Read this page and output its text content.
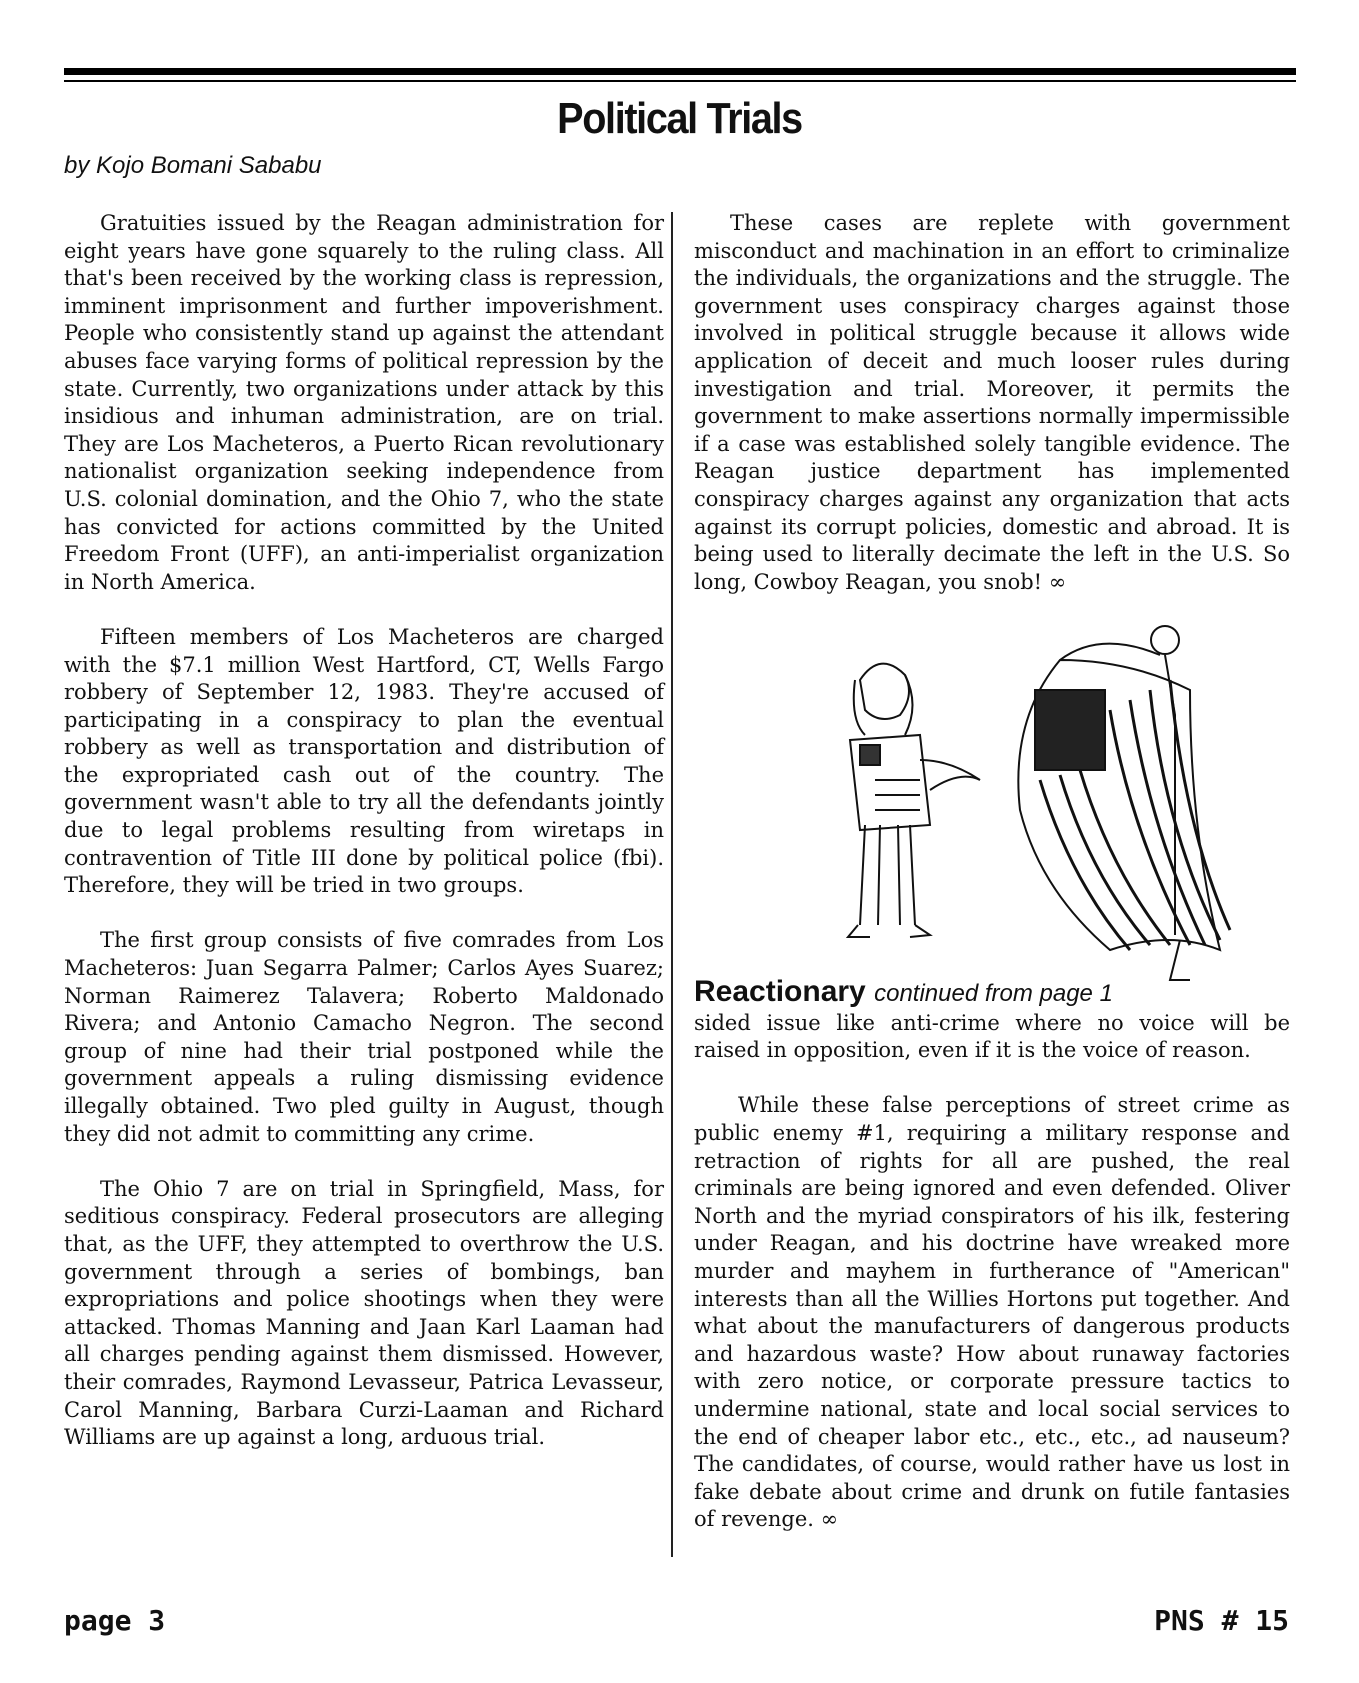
Political Trials
by Kojo Bomani Sababu

Gratuities issued by the Reagan administration for eight years have gone squarely to the ruling class. All that's been received by the working class is repression, imminent imprisonment and further impoverishment. People who consistently stand up against the attendant abuses face varying forms of political repression by the state. Currently, two organizations under attack by this insidious and inhuman administration, are on trial. They are Los Macheteros, a Puerto Rican revolutionary nationalist organization seeking independence from U.S. colonial domination, and the Ohio 7, who the state has convicted for actions committed by the United Freedom Front (UFF), an anti-imperialist organization in North America.

Fifteen members of Los Macheteros are charged with the $7.1 million West Hartford, CT, Wells Fargo robbery of September 12, 1983. They're accused of participating in a conspiracy to plan the eventual robbery as well as transportation and distribution of the expropriated cash out of the country. The government wasn't able to try all the defendants jointly due to legal problems resulting from wiretaps in contravention of Title III done by political police (fbi). Therefore, they will be tried in two groups.

The first group consists of five comrades from Los Macheteros: Juan Segarra Palmer; Carlos Ayes Suarez; Norman Raimerez Talavera; Roberto Maldonado Rivera; and Antonio Camacho Negron. The second group of nine had their trial postponed while the government appeals a ruling dismissing evidence illegally obtained. Two pled guilty in August, though they did not admit to committing any crime.

The Ohio 7 are on trial in Springfield, Mass, for seditious conspiracy. Federal prosecutors are alleging that, as the UFF, they attempted to overthrow the U.S. government through a series of bombings, ban expropriations and police shootings when they were attacked. Thomas Manning and Jaan Karl Laaman had all charges pending against them dismissed. However, their comrades, Raymond Levasseur, Patrica Levasseur, Carol Manning, Barbara Curzi-Laaman and Richard Williams are up against a long, arduous trial.

These cases are replete with government misconduct and machination in an effort to criminalize the individuals, the organizations and the struggle. The government uses conspiracy charges against those involved in political struggle because it allows wide application of deceit and much looser rules during investigation and trial. Moreover, it permits the government to make assertions normally impermissible if a case was established solely tangible evidence. The Reagan justice department has implemented conspiracy charges against any organization that acts against its corrupt policies, domestic and abroad. It is being used to literally decimate the left in the U.S. So long, Cowboy Reagan, you snob! ∞

Reactionary continued from page 1

sided issue like anti-crime where no voice will be raised in opposition, even if it is the voice of reason.

While these false perceptions of street crime as public enemy #1, requiring a military response and retraction of rights for all are pushed, the real criminals are being ignored and even defended. Oliver North and the myriad conspirators of his ilk, festering under Reagan, and his doctrine have wreaked more murder and mayhem in furtherance of "American" interests than all the Willies Hortons put together. And what about the manufacturers of dangerous products and hazardous waste? How about runaway factories with zero notice, or corporate pressure tactics to undermine national, state and local social services to the end of cheaper labor etc., etc., etc., ad nauseum? The candidates, of course, would rather have us lost in fake debate about crime and drunk on futile fantasies of revenge. ∞

page 3	PNS # 15
